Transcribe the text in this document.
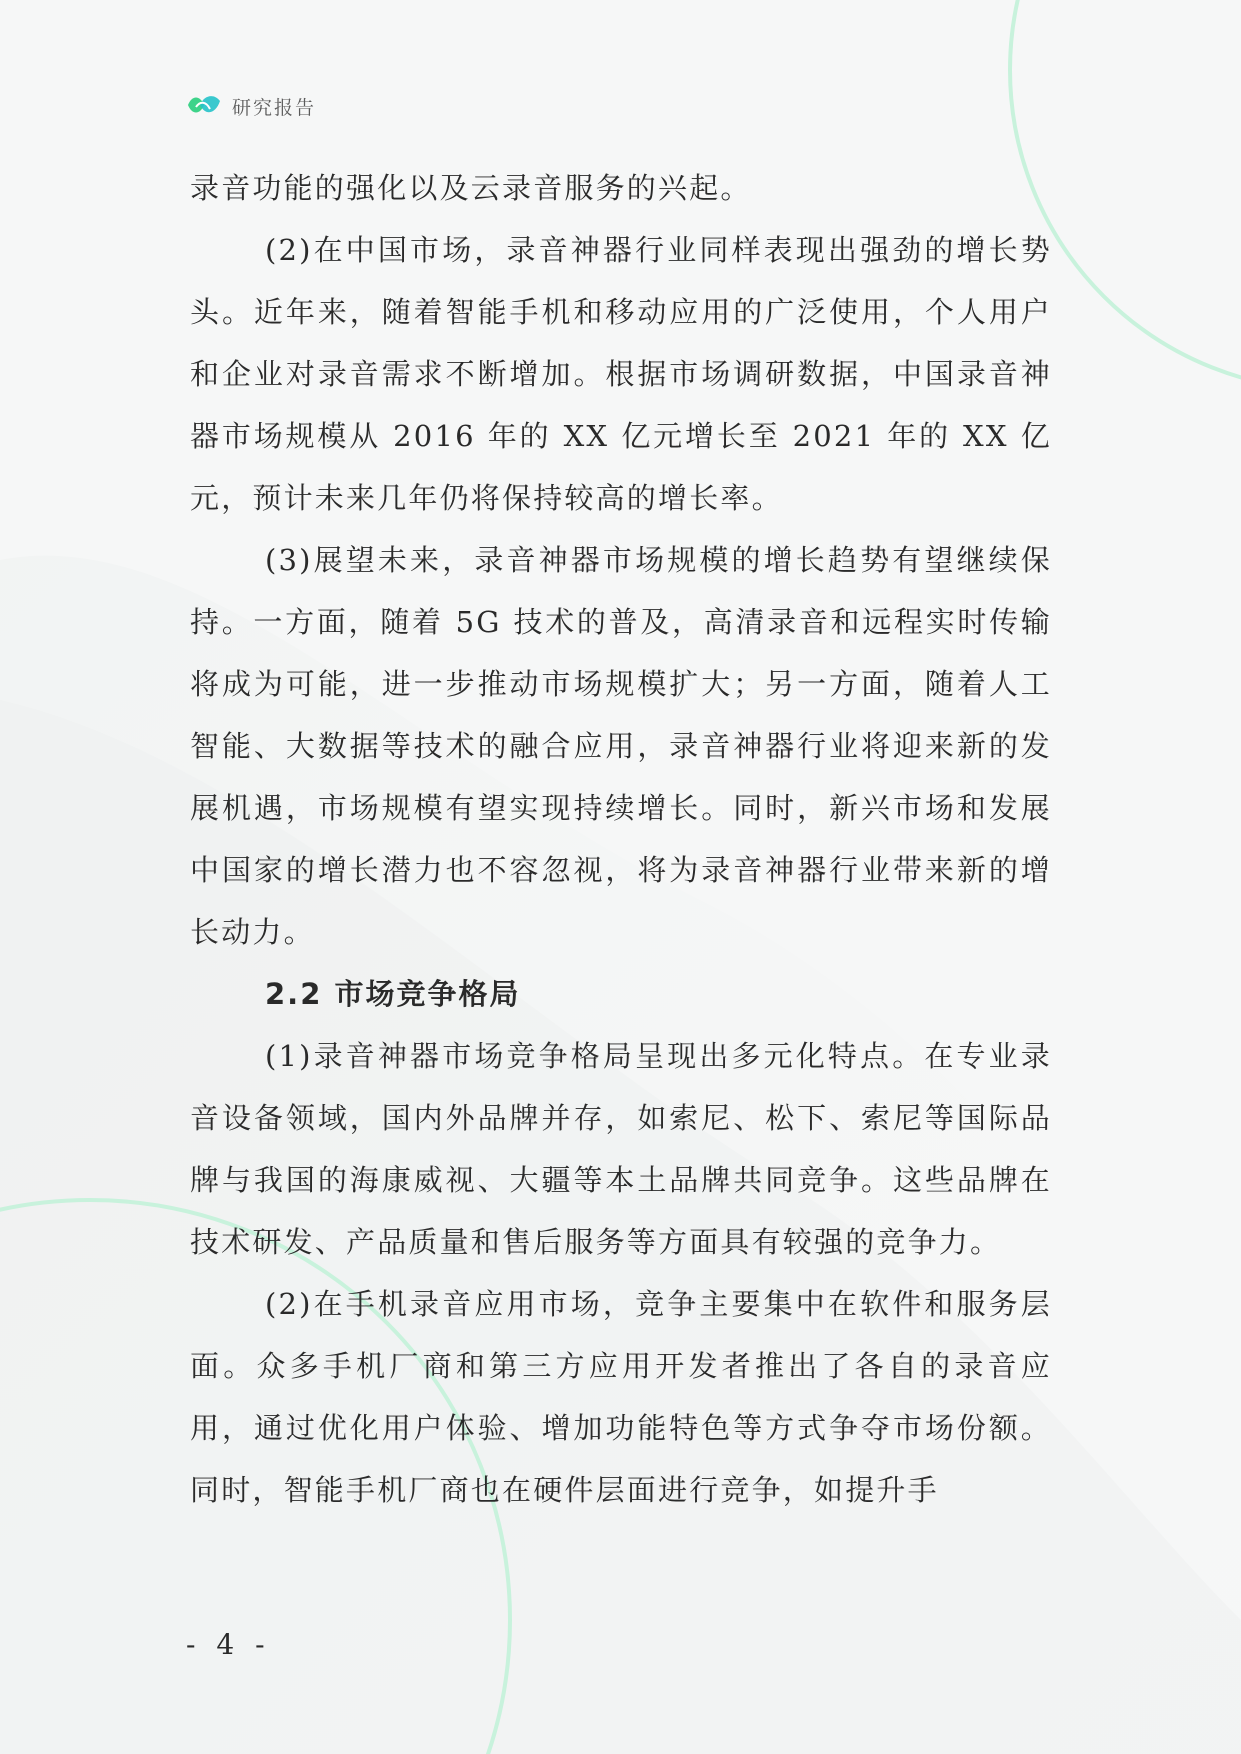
研究报告

录音功能的强化以及云录音服务的兴起。

(2)在中国市场，录音神器行业同样表现出强劲的增长势头。近年来，随着智能手机和移动应用的广泛使用，个人用户和企业对录音需求不断增加。根据市场调研数据，中国录音神器市场规模从 2016 年的 XX 亿元增长至 2021 年的 XX 亿元，预计未来几年仍将保持较高的增长率。

(3)展望未来，录音神器市场规模的增长趋势有望继续保持。一方面，随着 5G 技术的普及，高清录音和远程实时传输将成为可能，进一步推动市场规模扩大；另一方面，随着人工智能、大数据等技术的融合应用，录音神器行业将迎来新的发展机遇，市场规模有望实现持续增长。同时，新兴市场和发展中国家的增长潜力也不容忽视，将为录音神器行业带来新的增长动力。

2.2 市场竞争格局

(1)录音神器市场竞争格局呈现出多元化特点。在专业录音设备领域，国内外品牌并存，如索尼、松下、索尼等国际品牌与我国的海康威视、大疆等本土品牌共同竞争。这些品牌在技术研发、产品质量和售后服务等方面具有较强的竞争力。

(2)在手机录音应用市场，竞争主要集中在软件和服务层面。众多手机厂商和第三方应用开发者推出了各自的录音应用，通过优化用户体验、增加功能特色等方式争夺市场份额。同时，智能手机厂商也在硬件层面进行竞争，如提升手

- 4 -
